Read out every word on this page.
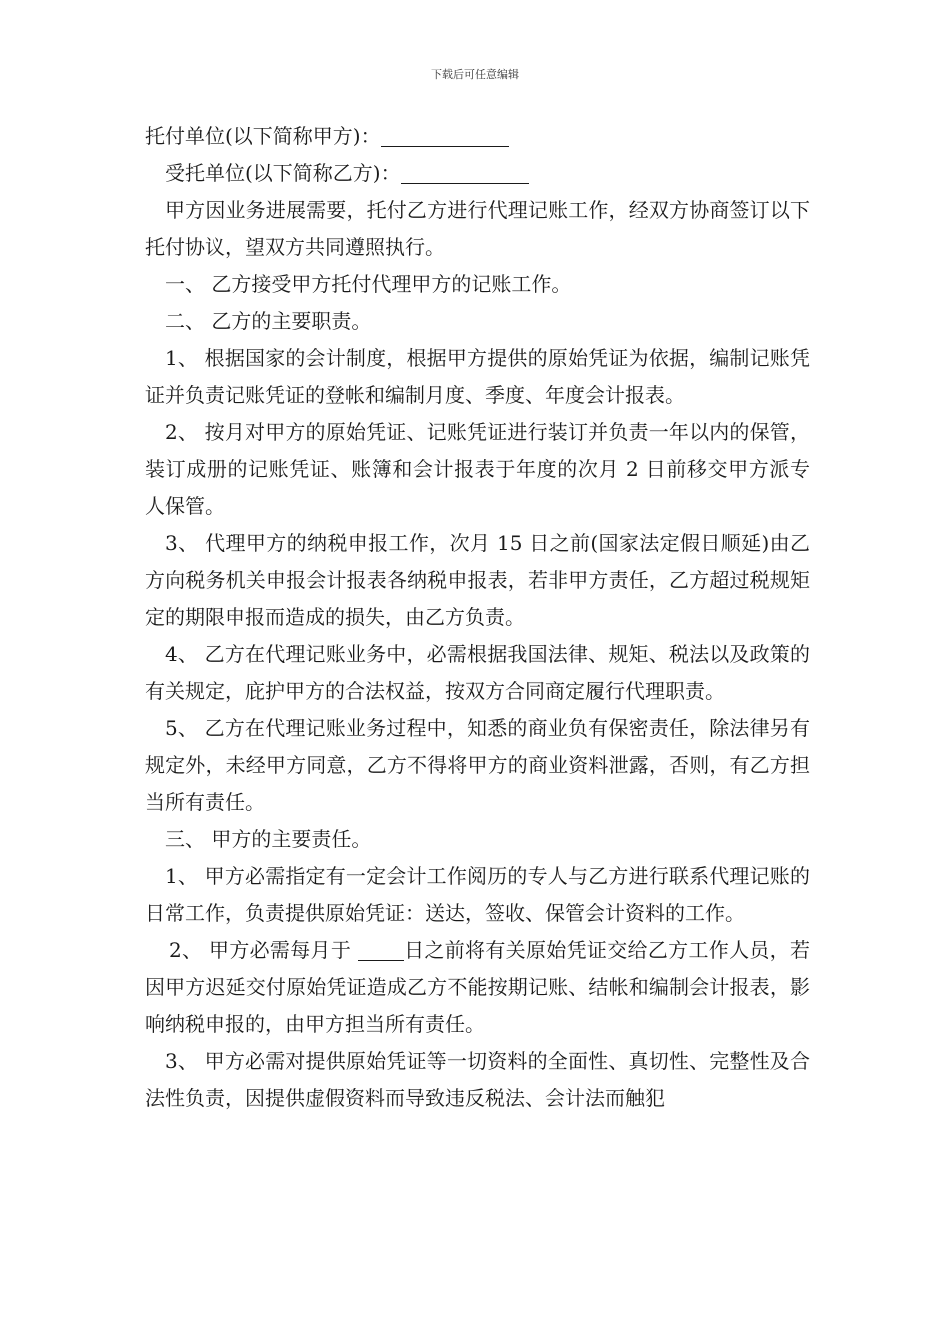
下载后可任意编辑

托付单位(以下简称甲方)：

受托单位(以下简称乙方)：

甲方因业务进展需要，托付乙方进行代理记账工作，经双方协商签订以下托付协议，望双方共同遵照执行。

一、 乙方接受甲方托付代理甲方的记账工作。

二、 乙方的主要职责。

1、 根据国家的会计制度，根据甲方提供的原始凭证为依据，编制记账凭证并负责记账凭证的登帐和编制月度、季度、年度会计报表。

2、 按月对甲方的原始凭证、记账凭证进行装订并负责一年以内的保管，装订成册的记账凭证、账簿和会计报表于年度的次月 2 日前移交甲方派专人保管。

3、 代理甲方的纳税申报工作，次月 15 日之前(国家法定假日顺延)由乙方向税务机关申报会计报表各纳税申报表，若非甲方责任，乙方超过税规矩定的期限申报而造成的损失，由乙方负责。

4、 乙方在代理记账业务中，必需根据我国法律、规矩、税法以及政策的有关规定，庇护甲方的合法权益，按双方合同商定履行代理职责。

5、 乙方在代理记账业务过程中，知悉的商业负有保密责任，除法律另有规定外，未经甲方同意，乙方不得将甲方的商业资料泄露，否则，有乙方担当所有责任。

三、 甲方的主要责任。

1、 甲方必需指定有一定会计工作阅历的专人与乙方进行联系代理记账的日常工作，负责提供原始凭证：送达，签收、保管会计资料的工作。

2、 甲方必需每月于 日之前将有关原始凭证交给乙方工作人员，若因甲方迟延交付原始凭证造成乙方不能按期记账、结帐和编制会计报表，影响纳税申报的，由甲方担当所有责任。

3、 甲方必需对提供原始凭证等一切资料的全面性、真切性、完整性及合法性负责，因提供虚假资料而导致违反税法、会计法而触犯
